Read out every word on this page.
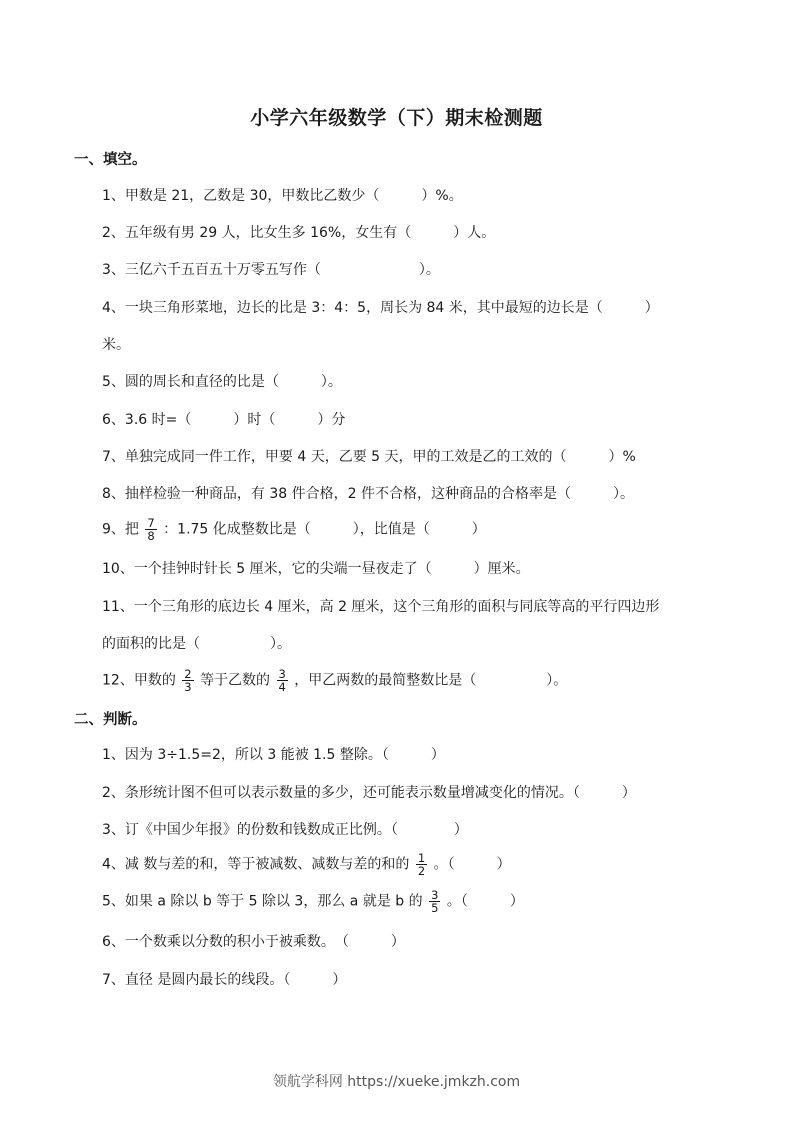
小学六年级数学（下）期末检测题
一、填空。
1、甲数是 21，乙数是 30，甲数比乙数少（　　　）%。
2、五年级有男 29 人，比女生多 16%，女生有（　　　）人。
3、三亿六千五百五十万零五写作（　　　　　　　）。
4、一块三角形菜地，边长的比是 3：4：5，周长为 84 米，其中最短的边长是（　　　）
米。
5、圆的周长和直径的比是（　　　）。
6、3.6 时=（　　　）时（　　　）分
7、单独完成同一件工作，甲要 4 天，乙要 5 天，甲的工效是乙的工效的（　　　）%
8、抽样检验一种商品，有 38 件合格，2 件不合格，这种商品的合格率是（　　　）。
9、把 $\frac{7}{8}$ ：1.75 化成整数比是（　　　），比值是（　　　）
10、一个挂钟时针长 5 厘米，它的尖端一昼夜走了（　　　）厘米。
11、一个三角形的底边长 4 厘米，高 2 厘米，这个三角形的面积与同底等高的平行四边形
的面积的比是（　　　　　）。
12、甲数的 $\frac{2}{3}$ 等于乙数的 $\frac{3}{4}$ ，甲乙两数的最简整数比是（　　　　　）。
二、判断。
1、因为 3÷1.5=2，所以 3 能被 1.5 整除。（　　　）
2、条形统计图不但可以表示数量的多少，还可能表示数量增减变化的情况。（　　　）
3、订《中国少年报》的份数和钱数成正比例。（　　　　）
4、减 数与差的和，等于被减数、减数与差的和的 $\frac{1}{2}$ 。（　　　）
5、如果 a 除以 b 等于 5 除以 3，那么 a 就是 b 的 $\frac{3}{5}$ 。（　　　）
6、一个数乘以分数的积小于被乘数。　（　　　）
7、直径 是圆内最长的线段。（　　　）
领航学科网 https://xueke.jmkzh.com
